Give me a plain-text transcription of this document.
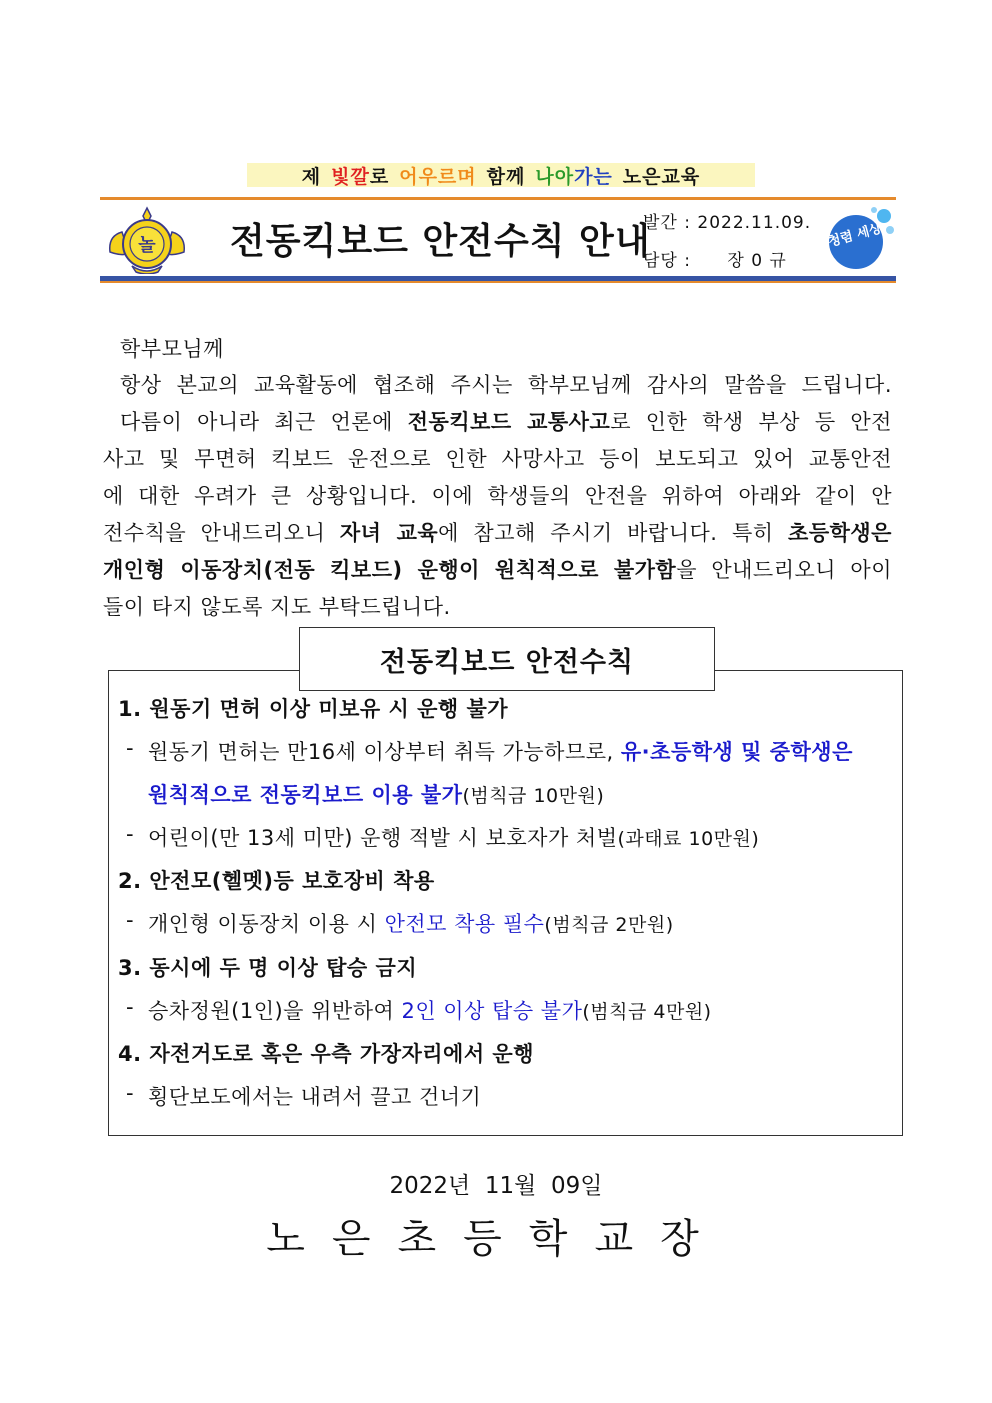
제 빛깔 로 어우르며 함께 나아 가는 노은교육
놀 전동킥보드 안전수칙 안내
발간 : 2022.11.09.
담당 : 장 0 규
청렴 세상
학부모님께
항상 본교의 교육활동에 협조해 주시는 학부모님께 감사의 말씀을 드립니다.
다름이 아니라 최근 언론에 전동킥보드 교통사고로 인한 학생 부상 등 안전
사고 및 무면허 킥보드 운전으로 인한 사망사고 등이 보도되고 있어 교통안전
에 대한 우려가 큰 상황입니다. 이에 학생들의 안전을 위하여 아래와 같이 안
전수칙을 안내드리오니 자녀 교육에 참고해 주시기 바랍니다. 특히 초등학생은
개인형 이동장치(전동 킥보드) 운행이 원칙적으로 불가함을 안내드리오니 아이
들이 타지 않도록 지도 부탁드립니다.
전동킥보드 안전수칙
1. 원동기 면허 이상 미보유 시 운행 불가
- 원동기 면허는 만16세 이상부터 취득 가능하므로, 유·초등학생 및 중학생은
원칙적으로 전동킥보드 이용 불가(범칙금 10만원)
- 어린이(만 13세 미만) 운행 적발 시 보호자가 처벌(과태료 10만원)
2. 안전모(헬멧)등 보호장비 착용
- 개인형 이동장치 이용 시 안전모 착용 필수(범칙금 2만원)
3. 동시에 두 명 이상 탑승 금지
- 승차정원(1인)을 위반하여 2인 이상 탑승 불가(범칙금 4만원)
4. 자전거도로 혹은 우측 가장자리에서 운행
- 횡단보도에서는 내려서 끌고 건너기
2022년  11월  09일
노은초등학교장
